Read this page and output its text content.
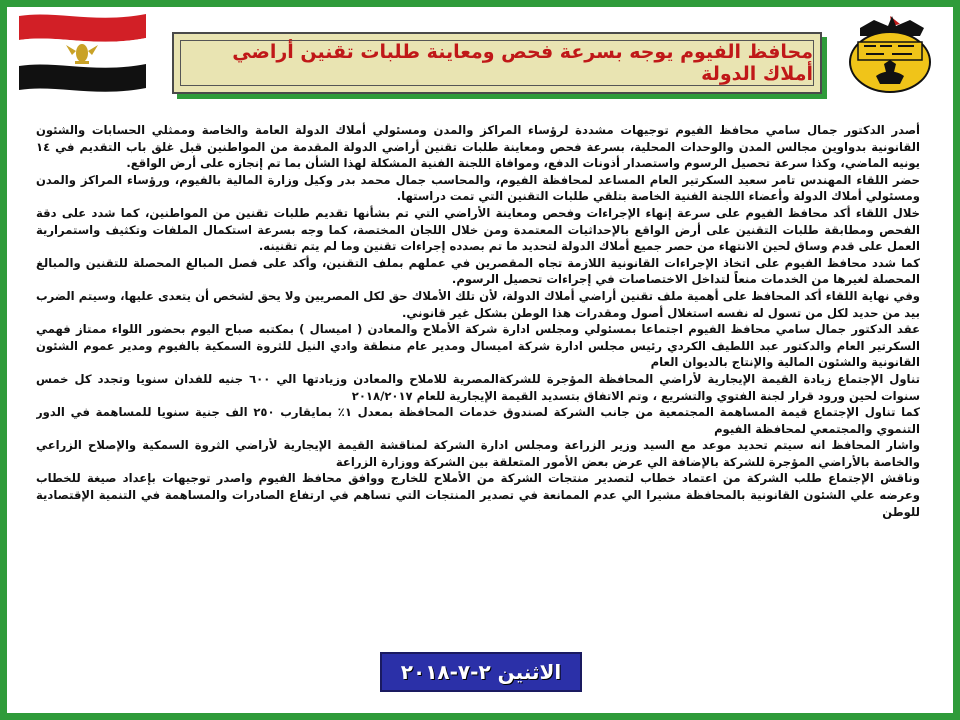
محافظ الفيوم يوجه بسرعة فحص ومعاينة طلبات تقنين أراضي أملاك الدولة

أصدر الدكتور جمال سامي محافظ الفيوم توجيهات مشددة لرؤساء المراكز والمدن ومسئولي أملاك الدولة العامة والخاصة وممثلي الحسابات والشئون القانونية بدواوين مجالس المدن والوحدات المحلية، بسرعة فحص ومعاينة طلبات تقنين أراضي الدولة المقدمة من المواطنين قبل غلق باب التقديم في ١٤ يونيه الماضي، وكذا سرعة تحصيل الرسوم واستصدار أذونات الدفع، وموافاة اللجنة الفنية المشكلة لهذا الشأن بما تم إنجازه على أرض الواقع.

حضر اللقاء المهندس تامر سعيد السكرتير العام المساعد لمحافظة الفيوم، والمحاسب جمال محمد بدر وكيل وزارة المالية بالفيوم، ورؤساء المراكز والمدن ومسئولي أملاك الدولة وأعضاء اللجنة الفنية الخاصة بتلقي طلبات التقنين التي تمت دراستها.

خلال اللقاء أكد محافظ الفيوم على سرعة إنهاء الإجراءات وفحص ومعاينة الأراضي التي تم بشأنها تقديم طلبات تقنين من المواطنين، كما شدد على دقة الفحص ومطابقة طلبات التقنين على أرض الواقع بالإحداثيات المعتمدة ومن خلال اللجان المختصة، كما وجه بسرعة استكمال الملفات وتكثيف واستمرارية العمل على قدم وساق لحين الانتهاء من حصر جميع أملاك الدولة لتحديد ما تم بصدده إجراءات تقنين وما لم يتم تقنينه.

كما شدد محافظ الفيوم على اتخاذ الإجراءات القانونية اللازمة تجاه المقصرين في عملهم بملف التقنين، وأكد على فصل المبالغ المحصلة للتقنين والمبالغ المحصلة لغيرها من الخدمات منعاً لتداخل الاختصاصات في إجراءات تحصيل الرسوم.

وفي نهاية اللقاء أكد المحافظ على أهمية ملف تقنين أراضي أملاك الدولة، لأن تلك الأملاك حق لكل المصريين ولا يحق لشخص أن يتعدى عليها، وسيتم الضرب بيد من حديد لكل من تسول له نفسه استغلال أصول ومقدرات هذا الوطن بشكل غير قانوني.

عقد الدكتور جمال سامي محافظ الفيوم اجتماعا بمسئولي ومجلس ادارة شركة الأملاح والمعادن ( اميسال ) بمكتبه صباح اليوم بحضور اللواء ممتاز فهمي السكرتير العام والدكتور عبد اللطيف الكردي رئيس مجلس ادارة شركة اميسال ومدير عام منطقة وادي النيل للثروة السمكية بالفيوم ومدير عموم الشئون القانونية والشئون المالية والإنتاج بالديوان العام

تناول الإجتماع زيادة القيمة الإيجارية لأراضي المحافظة المؤجرة للشركةالمصرية للاملاح والمعادن وزيادتها الي ٦٠٠ جنيه للفدان سنويا وتجدد كل خمس سنوات لحين ورود قرار لجنة الفتوي والتشريع ، وتم الاتفاق بتسديد القيمة الإيجارية للعام ٢٠١٨/٢٠١٧

كما تناول الإجتماع قيمة المساهمة المجتمعية من جانب الشركة لصندوق خدمات المحافظة بمعدل ١٪ بمايقارب ٢٥٠ الف جنية سنويا للمساهمة في الدور التنموي والمجتمعي لمحافظة الفيوم

واشار المحافظ انه سيتم تحديد موعد مع السيد وزير الزراعة ومجلس ادارة الشركة لمناقشة القيمة الإيجارية لأراضي الثروة السمكية والإصلاح الزراعي والخاصة بالأراضي المؤجرة للشركة بالإضافة الي عرض بعض الأمور المتعلقة بين الشركة ووزارة الزراعة

وناقش الإجتماع طلب الشركة من اعتماد خطاب لتصدير منتجات الشركة من الأملاح للخارج ووافق محافظ الفيوم واصدر توجيهات بإعداد صيغة للخطاب وعرضه علي الشئون القانونية بالمحافظة مشيرا الي عدم الممانعة في تصدير المنتجات التي تساهم في ارتفاع الصادرات والمساهمة في التنمية الإقتصادية للوطن

الاثنين ٢-٧-٢٠١٨
